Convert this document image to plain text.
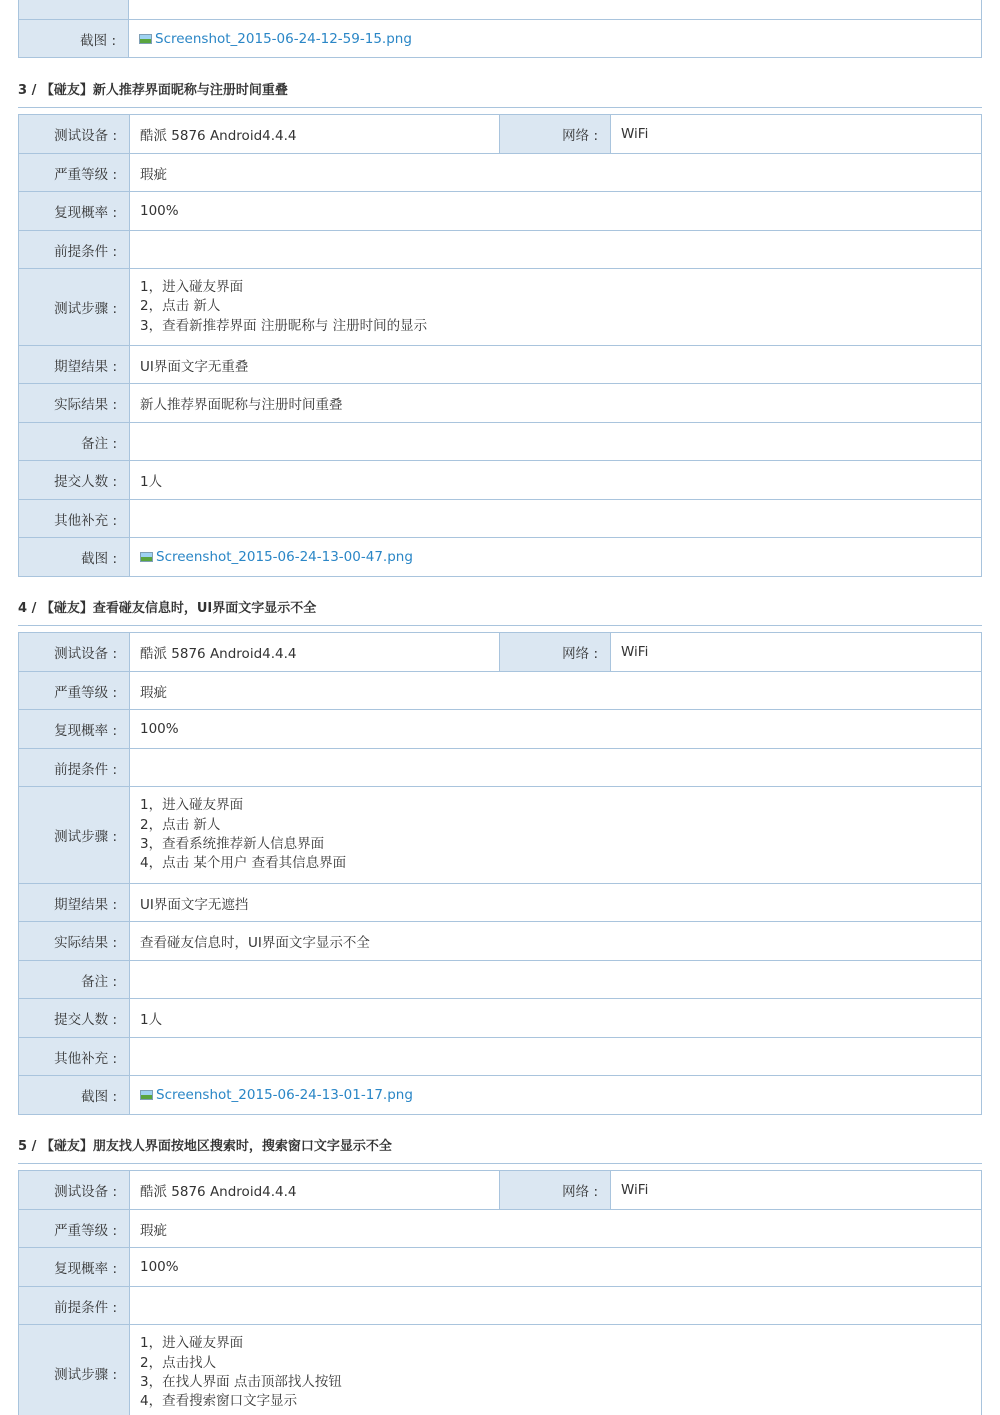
截图 :	Screenshot_2015-06-24-12-59-15.png
3 / 【碰友】新人推荐界面昵称与注册时间重叠
测试设备 :	酷派 5876 Android4.4.4	网络 :	WiFi
严重等级 :	瑕疵		
复现概率 :	100%		
前提条件 :			
测试步骤 :	1，进入碰友界面
2，点击 新人
3，查看新推荐界面 注册昵称与 注册时间的显示		

期望结果 :	UI界面文字无重叠		
实际结果 :	新人推荐界面昵称与注册时间重叠		
备注 :			
提交人数 :	1人		
其他补充 :			
截图 :	Screenshot_2015-06-24-13-00-47.png		
4 / 【碰友】查看碰友信息时，UI界面文字显示不全
测试设备 :	酷派 5876 Android4.4.4	网络 :	WiFi
严重等级 :	瑕疵		
复现概率 :	100%		
前提条件 :			
测试步骤 :	1，进入碰友界面
2，点击 新人
3，查看系统推荐新人信息界面
4，点击 某个用户 查看其信息界面		

期望结果 :	UI界面文字无遮挡		
实际结果 :	查看碰友信息时，UI界面文字显示不全		
备注 :			
提交人数 :	1人		
其他补充 :			
截图 :	Screenshot_2015-06-24-13-01-17.png		
5 / 【碰友】朋友找人界面按地区搜索时，搜索窗口文字显示不全
测试设备 :	酷派 5876 Android4.4.4	网络 :	WiFi
严重等级 :	瑕疵		
复现概率 :	100%		
前提条件 :			
测试步骤 :	1，进入碰友界面
2，点击找人
3，在找人界面 点击顶部找人按钮
4，查看搜索窗口文字显示		
